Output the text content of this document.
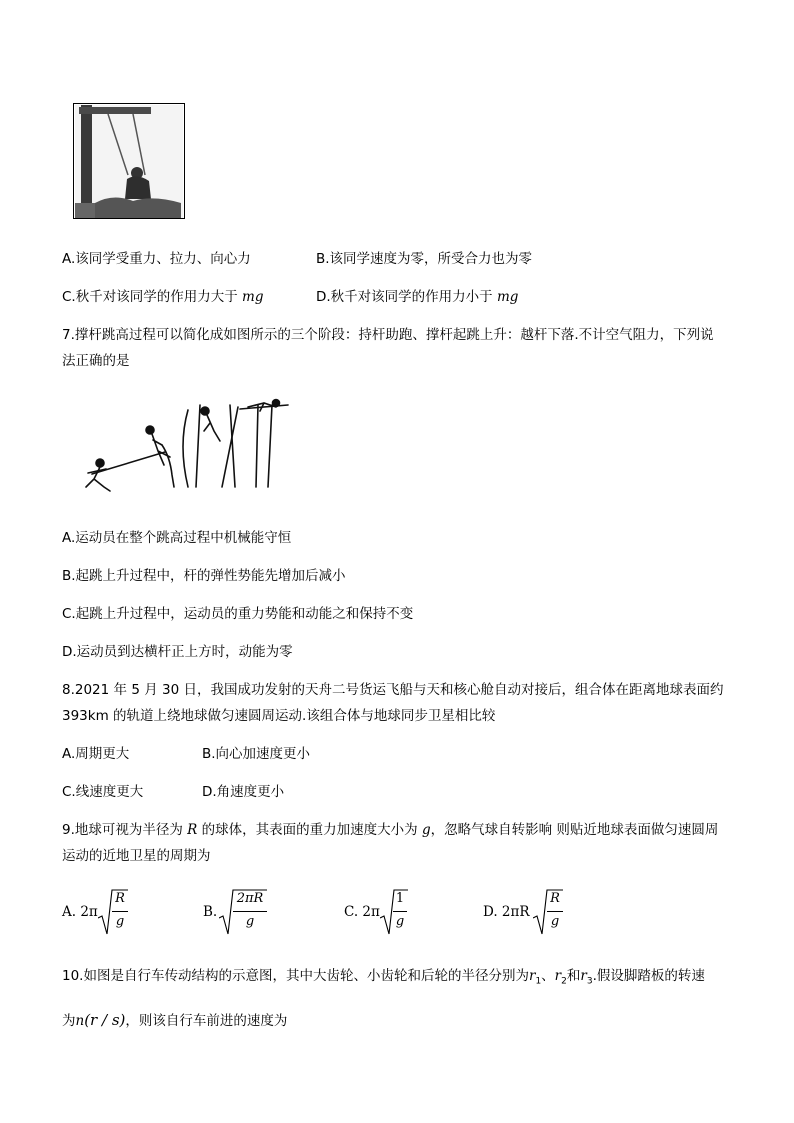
A.该同学受重力、拉力、向心力	B.该同学速度为零，所受合力也为零
C.秋千对该同学的作用力大于 mg	D.秋千对该同学的作用力小于 mg
7.撑杆跳高过程可以简化成如图所示的三个阶段：持杆助跑、撑杆起跳上升：越杆下落.不计空气阻力，下列说
法正确的是
A.运动员在整个跳高过程中机械能守恒
B.起跳上升过程中，杆的弹性势能先增加后减小
C.起跳上升过程中，运动员的重力势能和动能之和保持不变
D.运动员到达横杆正上方时，动能为零
8.2021 年 5 月 30 日，我国成功发射的天舟二号货运飞船与天和核心舱自动对接后，组合体在距离地球表面约
393km 的轨道上绕地球做匀速圆周运动.该组合体与地球同步卫星相比较
A.周期更大	B.向心加速度更小
C.线速度更大	D.角速度更小
9.地球可视为半径为 R 的球体，其表面的重力加速度大小为 g，忽略气球自转影响 则贴近地球表面做匀速圆周
运动的近地卫星的周期为
A. 2π
R
g
B.
2πR
g
C. 2π
1
g
D. 2πR
R
g
10.如图是自行车传动结构的示意图，其中大齿轮、小齿轮和后轮的半径分别为$r_1$、$r_2$和$r_3$.假设脚踏板的转速
为n(r / s)，则该自行车前进的速度为
